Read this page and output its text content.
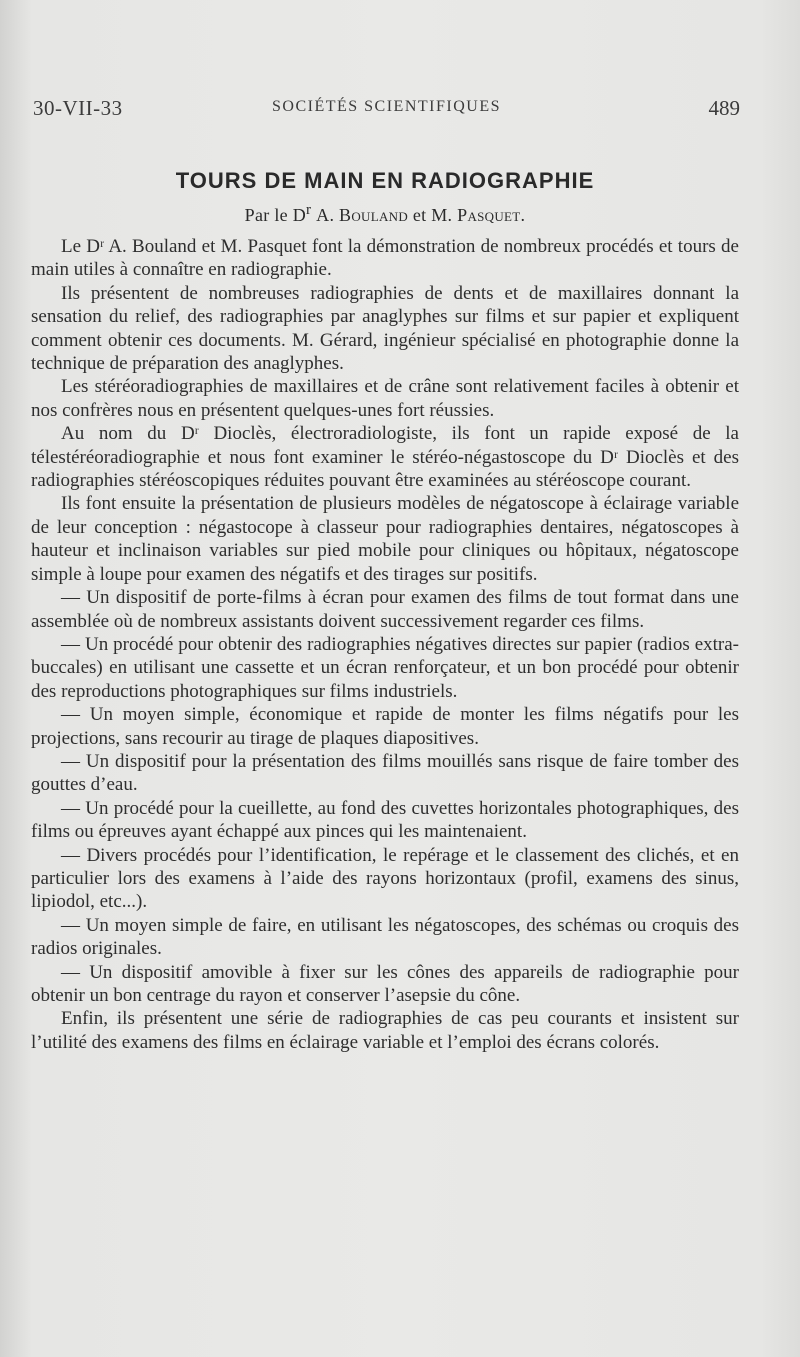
30-VII-33	SOCIÉTÉS SCIENTIFIQUES	489
TOURS DE MAIN EN RADIOGRAPHIE
Par le $D^r$ A. Bouland et M. Pasquet.

Le Dʳ A. Bouland et M. Pasquet font la démonstration de nombreux procédés et tours de main utiles à connaître en radiographie.

Ils présentent de nombreuses radiographies de dents et de maxillaires donnant la sensation du relief, des radiographies par anaglyphes sur films et sur papier et expliquent comment obtenir ces documents. M. Gérard, ingénieur spécialisé en photographie donne la technique de préparation des anaglyphes.

Les stéréoradiographies de maxillaires et de crâne sont relativement faciles à obtenir et nos confrères nous en présentent quelques-unes fort réussies.

Au nom du Dʳ Dioclès, électroradiologiste, ils font un rapide exposé de la télestéréoradiographie et nous font examiner le stéréo-négastoscope du Dʳ Dioclès et des radiographies stéréoscopiques réduites pouvant être examinées au stéréoscope courant.

Ils font ensuite la présentation de plusieurs modèles de négatoscope à éclairage variable de leur conception : négastocope à classeur pour radiographies dentaires, négatoscopes à hauteur et inclinaison variables sur pied mobile pour cliniques ou hôpitaux, négatoscope simple à loupe pour examen des négatifs et des tirages sur positifs.

— Un dispositif de porte-films à écran pour examen des films de tout format dans une assemblée où de nombreux assistants doivent successivement regarder ces films.

— Un procédé pour obtenir des radiographies négatives directes sur papier (radios extra-buccales) en utilisant une cassette et un écran renforçateur, et un bon procédé pour obtenir des reproductions photographiques sur films industriels.

— Un moyen simple, économique et rapide de monter les films négatifs pour les projections, sans recourir au tirage de plaques diapositives.

— Un dispositif pour la présentation des films mouillés sans risque de faire tomber des gouttes d’eau.

— Un procédé pour la cueillette, au fond des cuvettes horizontales photographiques, des films ou épreuves ayant échappé aux pinces qui les maintenaient.

— Divers procédés pour l’identification, le repérage et le classement des clichés, et en particulier lors des examens à l’aide des rayons horizontaux (profil, examens des sinus, lipiodol, etc...).

— Un moyen simple de faire, en utilisant les négatoscopes, des schémas ou croquis des radios originales.

— Un dispositif amovible à fixer sur les cônes des appareils de radiographie pour obtenir un bon centrage du rayon et conserver l’asepsie du cône.

Enfin, ils présentent une série de radiographies de cas peu courants et insistent sur l’utilité des examens des films en éclairage variable et l’emploi des écrans colorés.
